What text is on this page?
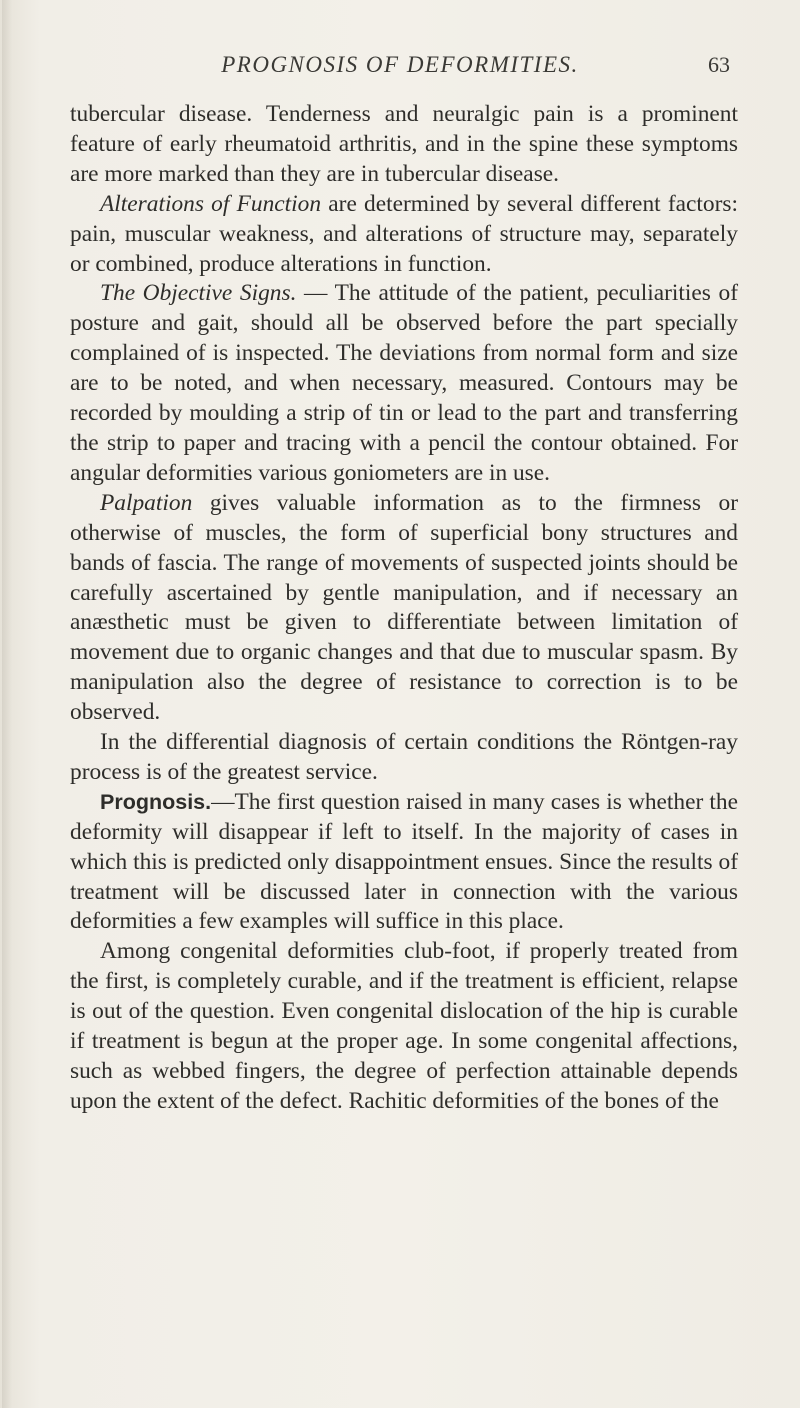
PROGNOSIS OF DEFORMITIES.	63

tubercular disease. Tenderness and neuralgic pain is a prominent feature of early rheumatoid arthritis, and in the spine these symptoms are more marked than they are in tubercular disease.

Alterations of Function are determined by several different factors: pain, muscular weakness, and alterations of structure may, separately or combined, produce alterations in function.

The Objective Signs. — The attitude of the patient, peculiarities of posture and gait, should all be observed before the part specially complained of is inspected. The deviations from normal form and size are to be noted, and when necessary, measured. Contours may be recorded by moulding a strip of tin or lead to the part and transferring the strip to paper and tracing with a pencil the contour obtained. For angular deformities various goniometers are in use.

Palpation gives valuable information as to the firmness or otherwise of muscles, the form of superficial bony structures and bands of fascia. The range of movements of suspected joints should be carefully ascertained by gentle manipulation, and if necessary an anæsthetic must be given to differentiate between limitation of movement due to organic changes and that due to muscular spasm. By manipulation also the degree of resistance to correction is to be observed.

In the differential diagnosis of certain conditions the Röntgen-ray process is of the greatest service.

Prognosis.—The first question raised in many cases is whether the deformity will disappear if left to itself. In the majority of cases in which this is predicted only disappointment ensues. Since the results of treatment will be discussed later in connection with the various deformities a few examples will suffice in this place.

Among congenital deformities club-foot, if properly treated from the first, is completely curable, and if the treatment is efficient, relapse is out of the question. Even congenital dislocation of the hip is curable if treatment is begun at the proper age. In some congenital affections, such as webbed fingers, the degree of perfection attainable depends upon the extent of the defect. Rachitic deformities of the bones of the
